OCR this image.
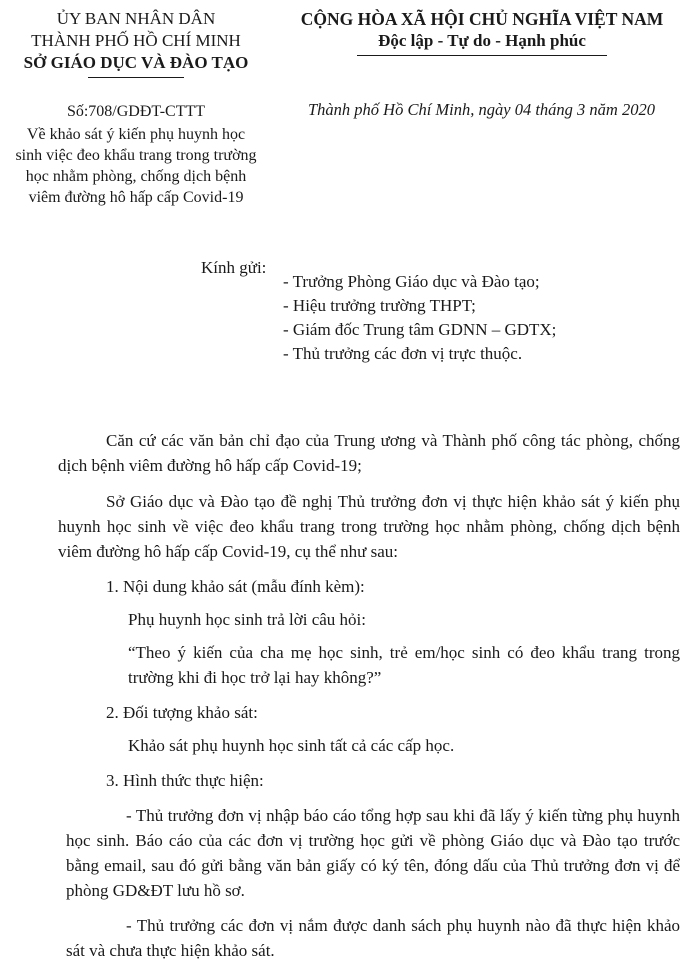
ỦY BAN NHÂN DÂN
THÀNH PHỐ HỒ CHÍ MINH
SỞ GIÁO DỤC VÀ ĐÀO TẠO
Số:708/GDĐT-CTTT
Về khảo sát ý kiến phụ huynh học
sinh việc đeo khẩu trang trong trường
học nhằm phòng, chống dịch bệnh
viêm đường hô hấp cấp Covid-19
CỘNG HÒA XÃ HỘI CHỦ NGHĨA VIỆT NAM
Độc lập - Tự do - Hạnh phúc
Thành phố Hồ Chí Minh, ngày 04 tháng 3 năm 2020
Kính gửi:
- Trưởng Phòng Giáo dục và Đào tạo;
- Hiệu trưởng trường THPT;
- Giám đốc Trung tâm GDNN – GDTX;
- Thủ trưởng các đơn vị trực thuộc.

Căn cứ các văn bản chỉ đạo của Trung ương và Thành phố công tác phòng, chống dịch bệnh viêm đường hô hấp cấp Covid-19;

Sở Giáo dục và Đào tạo đề nghị Thủ trưởng đơn vị thực hiện khảo sát ý kiến phụ huynh học sinh về việc đeo khẩu trang trong trường học nhằm phòng, chống dịch bệnh viêm đường hô hấp cấp Covid-19, cụ thể như sau:

1. Nội dung khảo sát (mẫu đính kèm):

Phụ huynh học sinh trả lời câu hỏi:

“Theo ý kiến của cha mẹ học sinh, trẻ em/học sinh có đeo khẩu trang trong trường khi đi học trở lại hay không?”

2. Đối tượng khảo sát:

Khảo sát phụ huynh học sinh tất cả các cấp học.

3. Hình thức thực hiện:

- Thủ trưởng đơn vị nhập báo cáo tổng hợp sau khi đã lấy ý kiến từng phụ huynh học sinh. Báo cáo của các đơn vị trường học gửi về phòng Giáo dục và Đào tạo trước bằng email, sau đó gửi bằng văn bản giấy có ký tên, đóng dấu của Thủ trưởng đơn vị để phòng GD&ĐT lưu hồ sơ.

- Thủ trưởng các đơn vị nắm được danh sách phụ huynh nào đã thực hiện khảo sát và chưa thực hiện khảo sát.
